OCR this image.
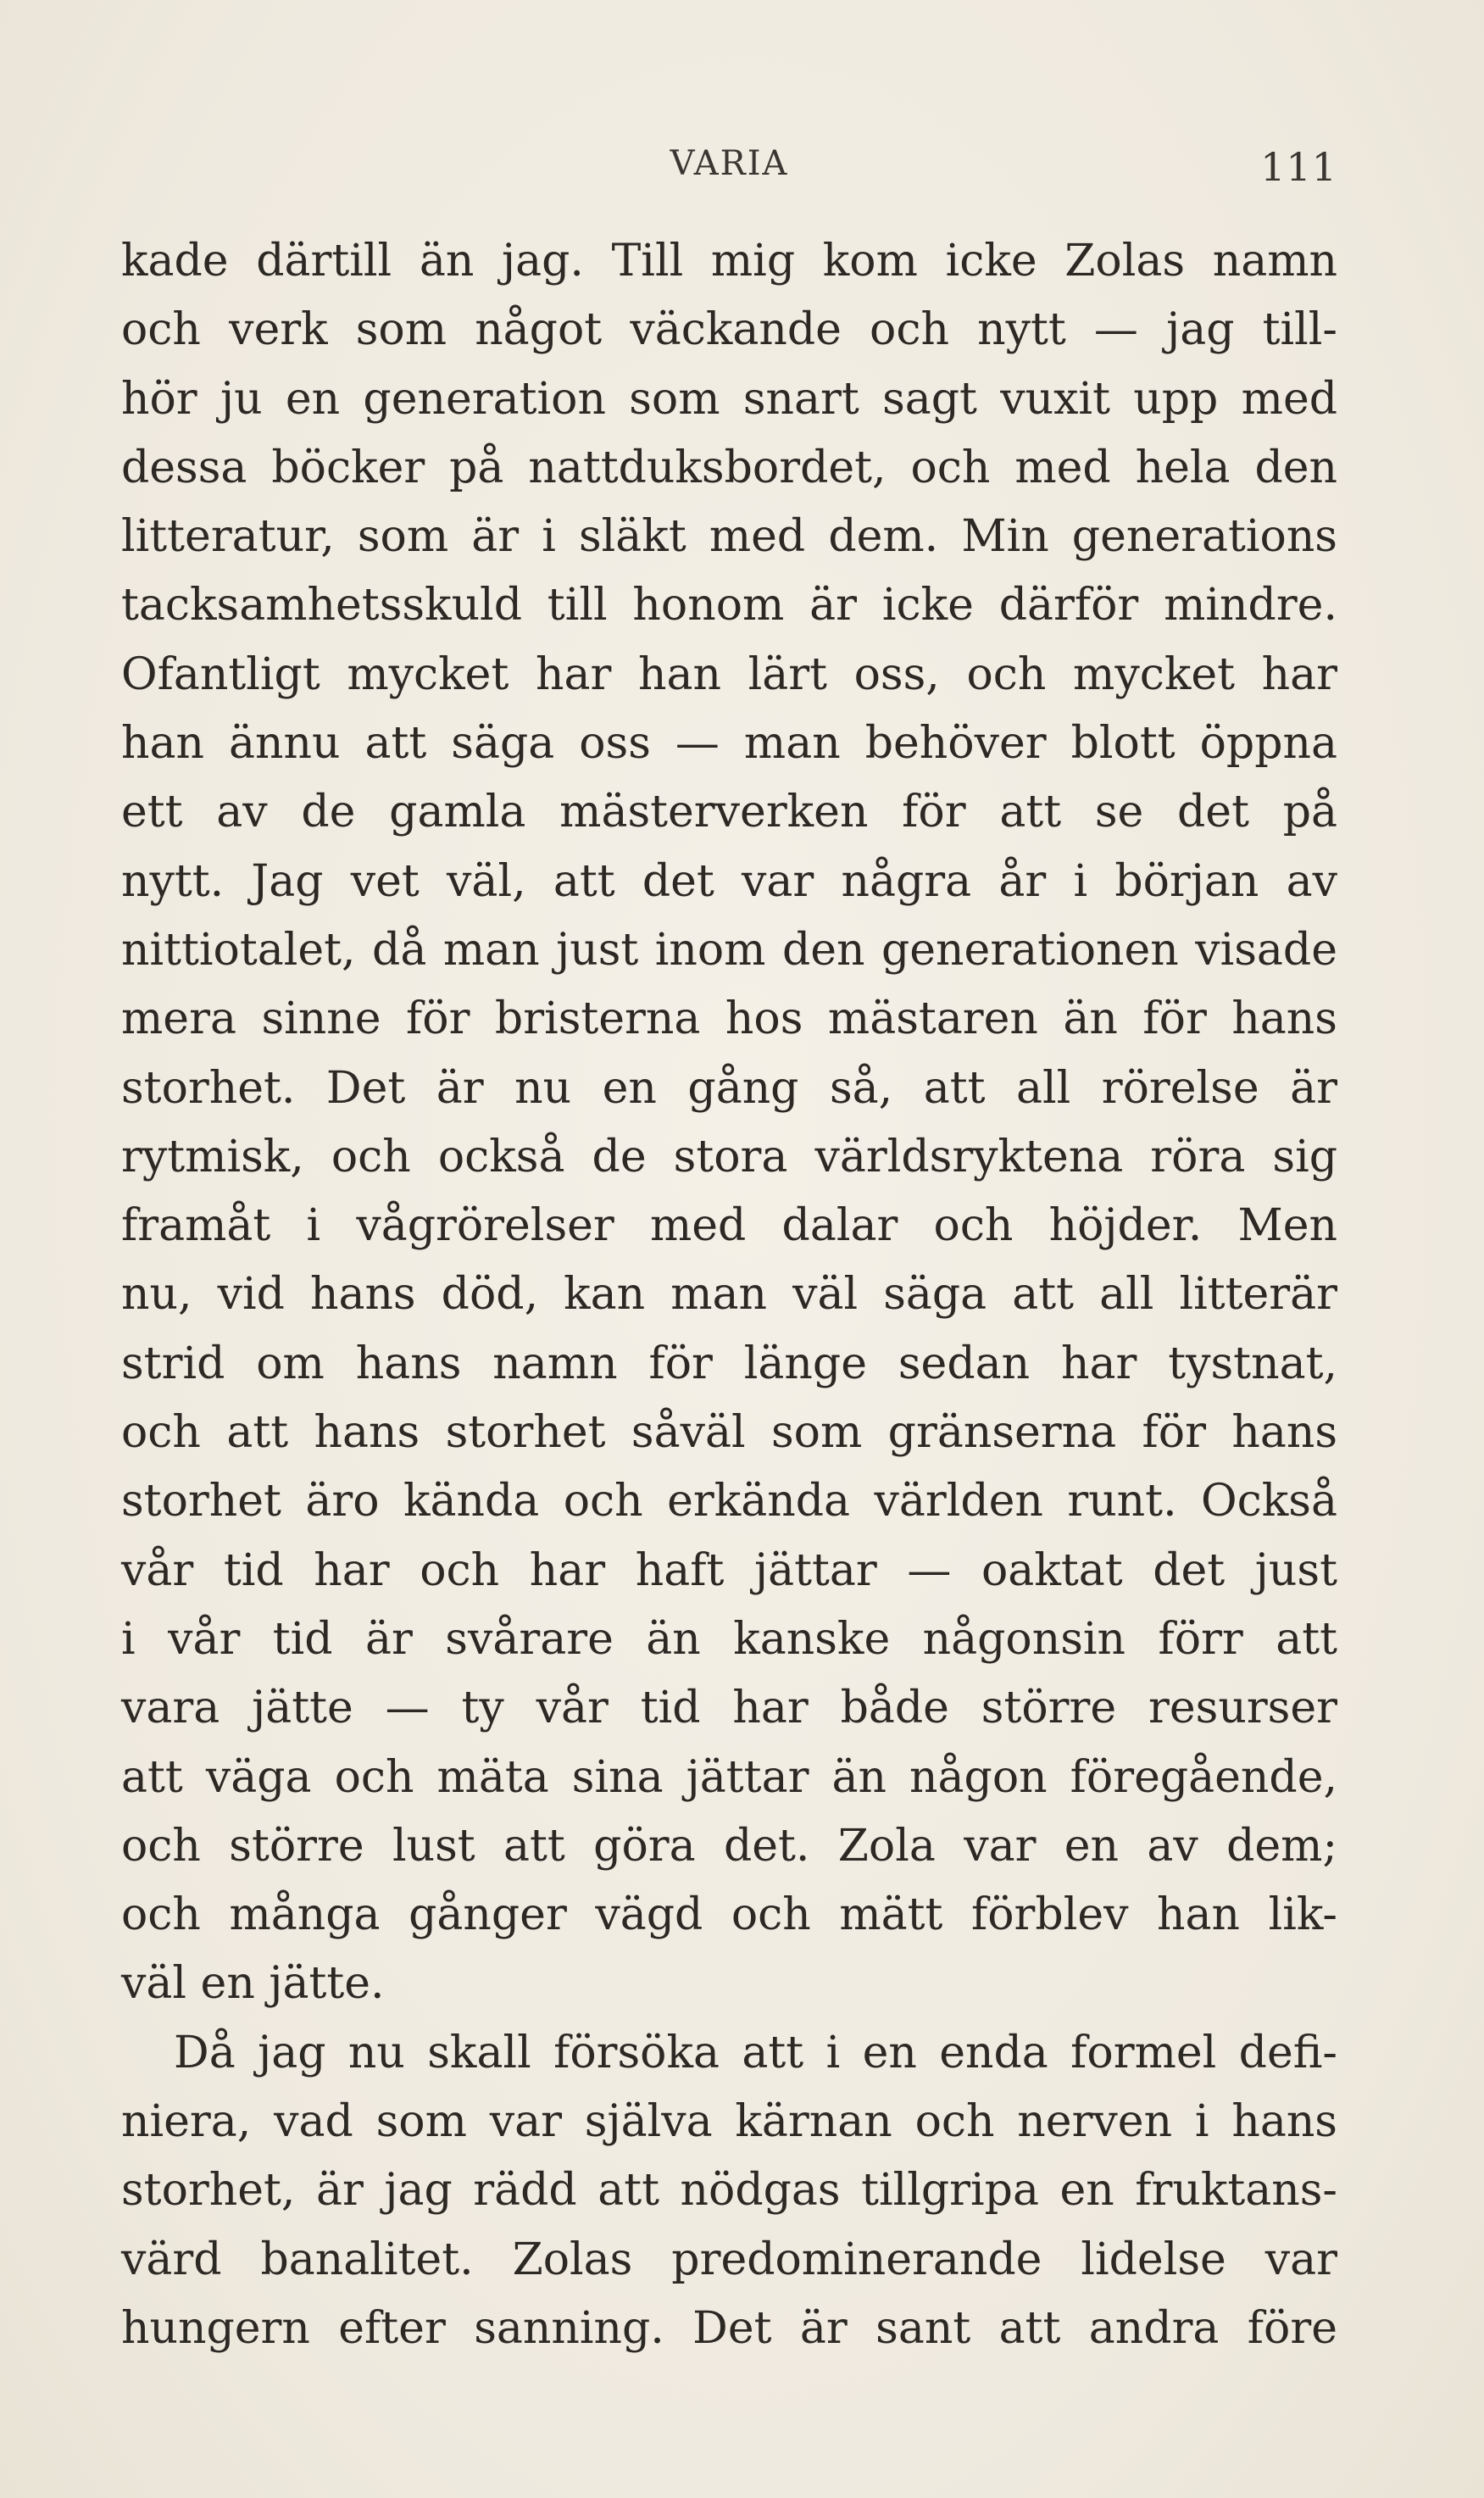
VARIA	111
kade därtill än jag. Till mig kom icke Zolas namn
och verk som något väckande och nytt — jag till-
hör ju en generation som snart sagt vuxit upp med
dessa böcker på nattduksbordet, och med hela den
litteratur, som är i släkt med dem. Min generations
tacksamhetsskuld till honom är icke därför mindre.
Ofantligt mycket har han lärt oss, och mycket har
han ännu att säga oss — man behöver blott öppna
ett av de gamla mästerverken för att se det på
nytt. Jag vet väl, att det var några år i början av
nittiotalet, då man just inom den generationen visade
mera sinne för bristerna hos mästaren än för hans
storhet. Det är nu en gång så, att all rörelse är
rytmisk, och också de stora världsryktena röra sig
framåt i vågrörelser med dalar och höjder. Men
nu, vid hans död, kan man väl säga att all litterär
strid om hans namn för länge sedan har tystnat,
och att hans storhet såväl som gränserna för hans
storhet äro kända och erkända världen runt. Också
vår tid har och har haft jättar — oaktat det just
i vår tid är svårare än kanske någonsin förr att
vara jätte — ty vår tid har både större resurser
att väga och mäta sina jättar än någon föregående,
och större lust att göra det. Zola var en av dem;
och många gånger vägd och mätt förblev han lik-
väl en jätte.
Då jag nu skall försöka att i en enda formel defi-
niera, vad som var själva kärnan och nerven i hans
storhet, är jag rädd att nödgas tillgripa en fruktans-
värd banalitet. Zolas predominerande lidelse var
hungern efter sanning. Det är sant att andra före
